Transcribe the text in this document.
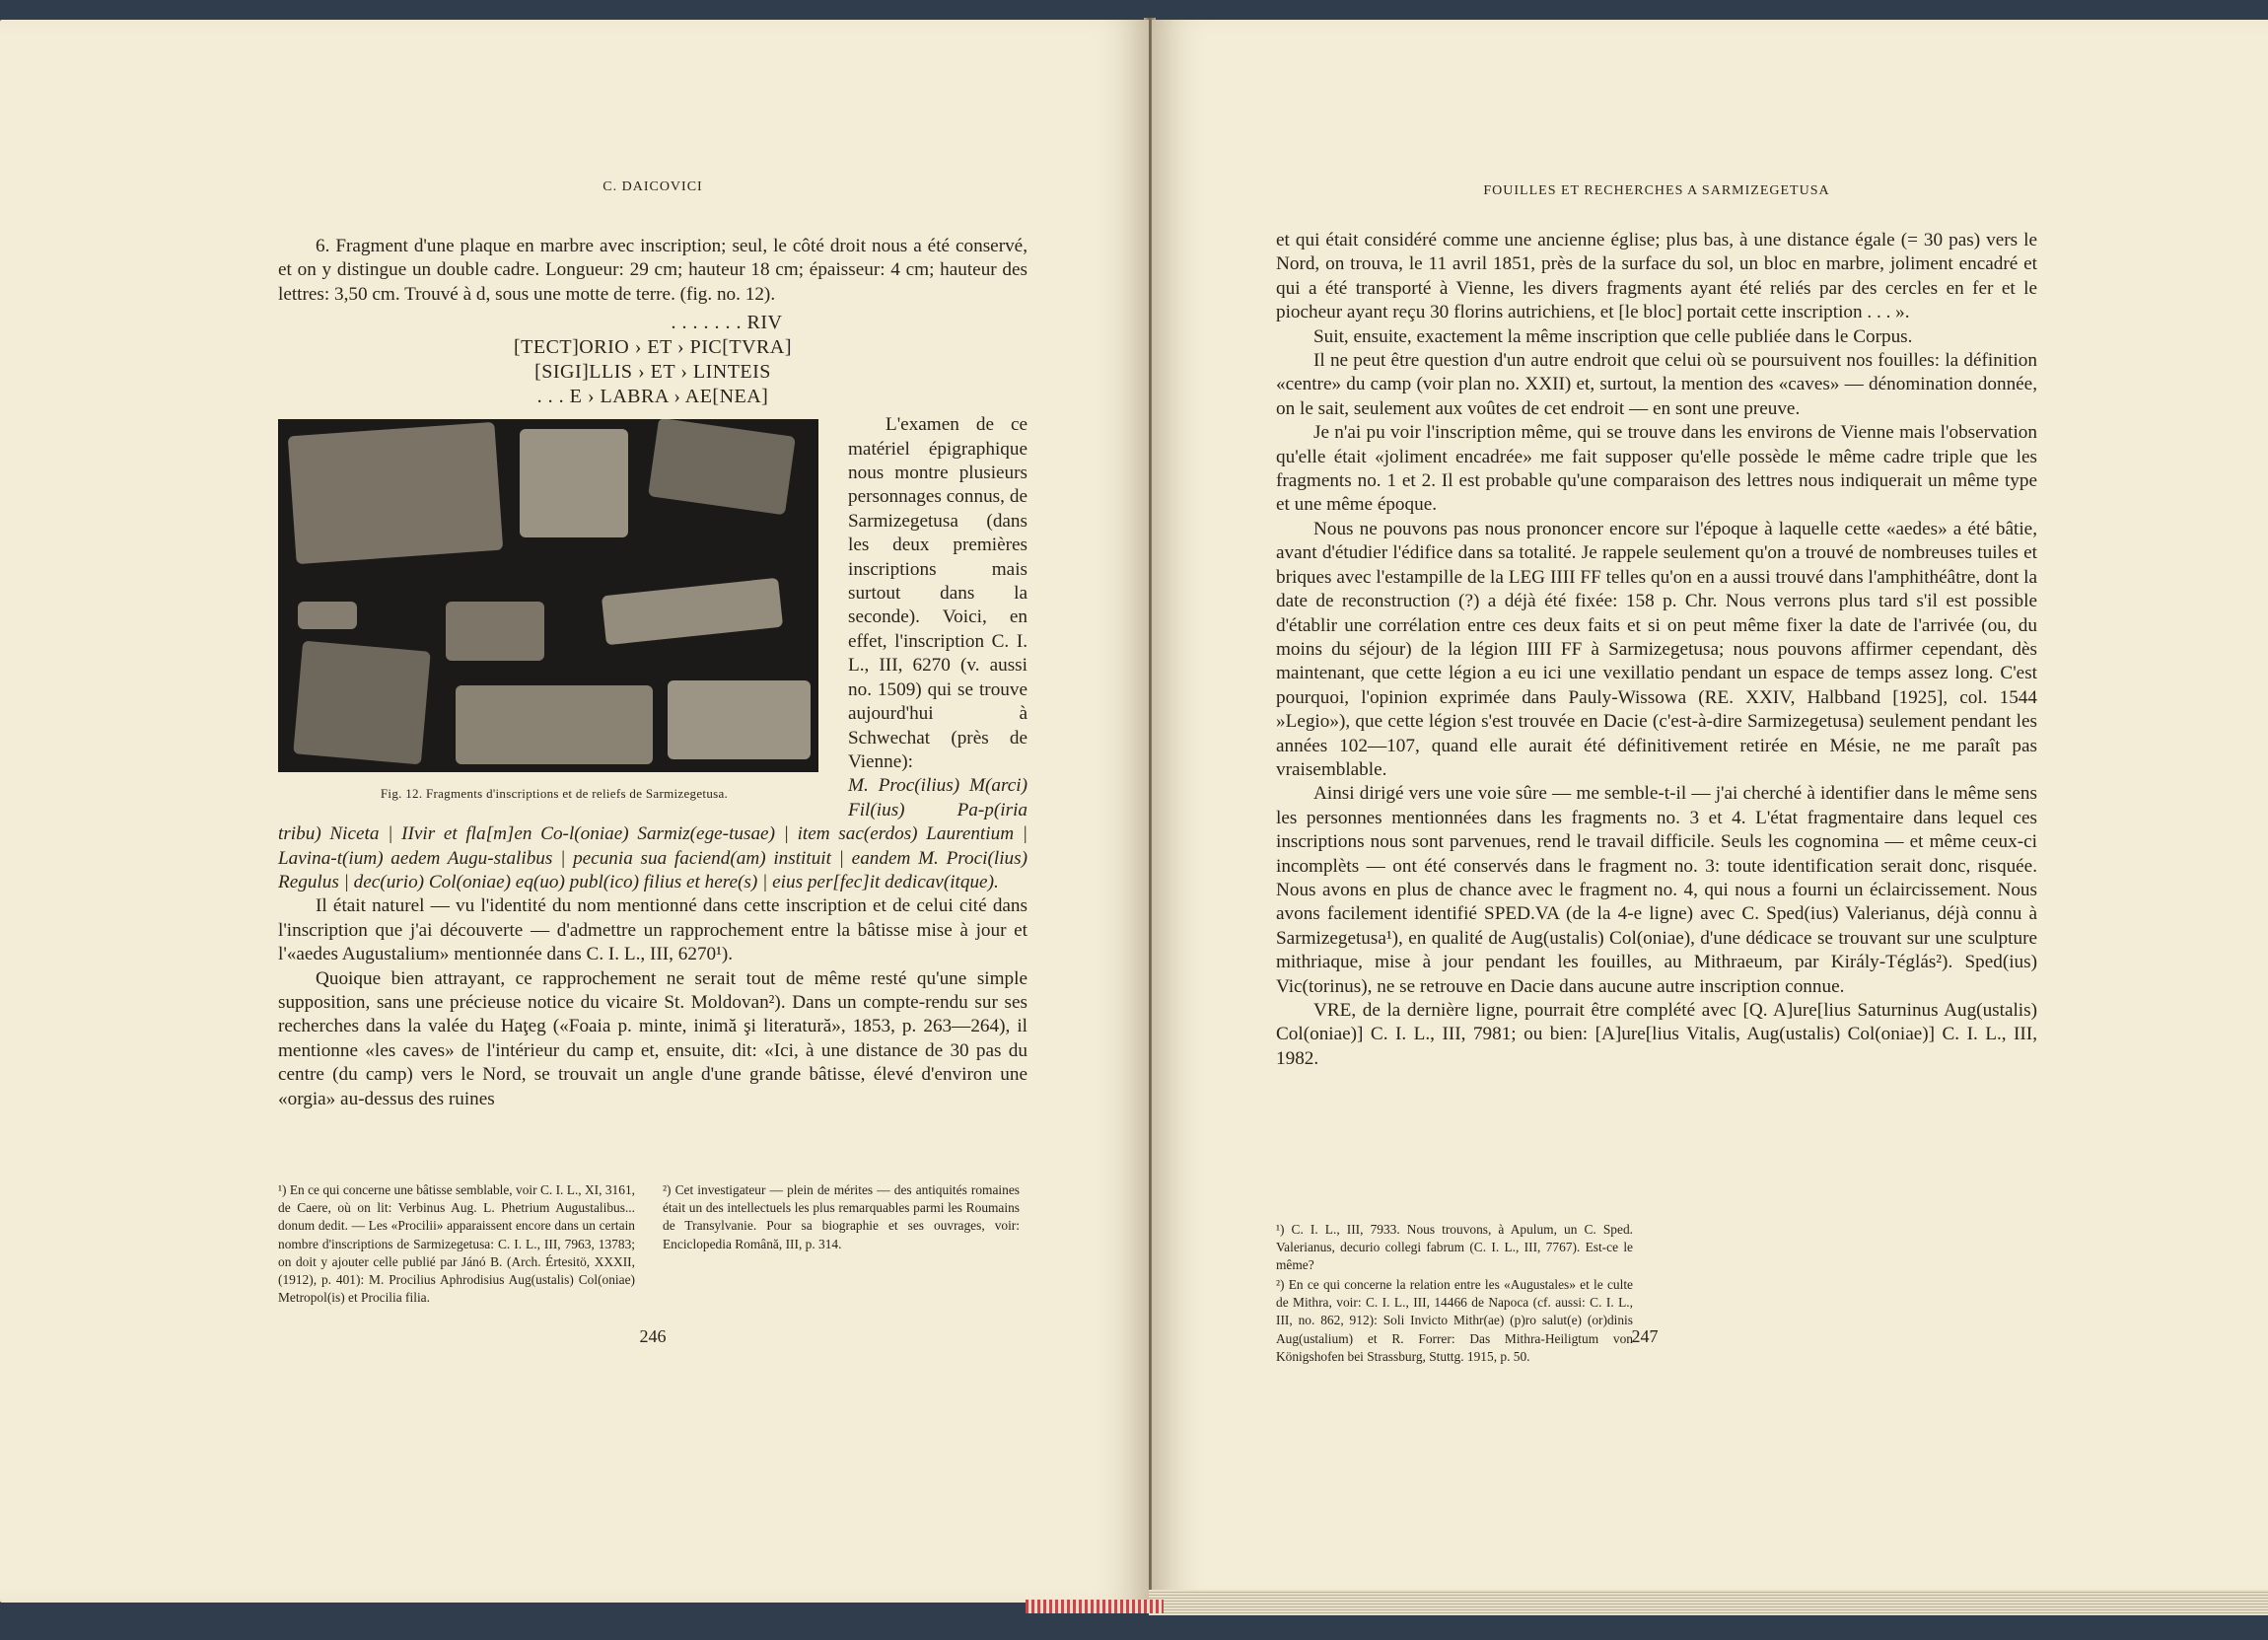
C. DAICOVICI

6. Fragment d'une plaque en marbre avec inscription; seul, le côté droit nous a été conservé, et on y distingue un double cadre. Longueur: 29 cm; hauteur 18 cm; épaisseur: 4 cm; hauteur des lettres: 3,50 cm. Trouvé à d, sous une motte de terre. (fig. no. 12).

. . . . . . . RIV
[TECT]ORIO › ET › PIC[TVRA]
[SIGI]LLIS › ET › LINTEIS
. . . E › LABRA › AE[NEA]
Fig. 12. Fragments d'inscriptions et de reliefs de Sarmizegetusa.

L'examen de ce matériel épigraphique nous montre plusieurs personnages connus, de Sarmizegetusa (dans les deux premières inscriptions mais surtout dans la seconde). Voici, en effet, l'inscription C. I. L., III, 6270 (v. aussi no. 1509) qui se trouve aujourd'hui à Schwechat (près de Vienne):

M. Proc(ilius) M(arci) Fil(ius) Pa-p(iria tribu) Niceta | IIvir et fla[m]en Co-l(oniae) Sarmiz(ege-tusae) | item sac(erdos) Laurentium | Lavina-t(ium) aedem Augu-stalibus | pecunia sua faciend(am) instituit | eandem M. Proci(lius) Regulus | dec(urio) Col(oniae) eq(uo) publ(ico) filius et here(s) | eius per[fec]it dedicav(itque).

Il était naturel — vu l'identité du nom mentionné dans cette inscription et de celui cité dans l'inscription que j'ai découverte — d'admettre un rapprochement entre la bâtisse mise à jour et l'«aedes Augustalium» mentionnée dans C. I. L., III, 6270¹).

Quoique bien attrayant, ce rapprochement ne serait tout de même resté qu'une simple supposition, sans une précieuse notice du vicaire St. Moldovan²). Dans un compte-rendu sur ses recherches dans la valée du Haţeg («Foaia p. minte, inimă şi literatură», 1853, p. 263—264), il mentionne «les caves» de l'intérieur du camp et, ensuite, dit: «Ici, à une distance de 30 pas du centre (du camp) vers le Nord, se trouvait un angle d'une grande bâtisse, élevé d'environ une «orgia» au-dessus des ruines

¹) En ce qui concerne une bâtisse semblable, voir C. I. L., XI, 3161, de Caere, où on lit: Verbinus Aug. L. Phetrium Augustalibus... donum dedit. — Les «Procilii» apparaissent encore dans un certain nombre d'inscriptions de Sarmizegetusa: C. I. L., III, 7963, 13783; on doit y ajouter celle publié par Jánó B. (Arch. Értesitö, XXXII, (1912), p. 401): M. Procilius Aphrodisius Aug(ustalis) Col(oniae) Metropol(is) et Procilia filia.
²) Cet investigateur — plein de mérites — des antiquités romaines était un des intellectuels les plus remarquables parmi les Roumains de Transylvanie. Pour sa biographie et ses ouvrages, voir: Enciclopedia Română, III, p. 314.
246
FOUILLES ET RECHERCHES A SARMIZEGETUSA

et qui était considéré comme une ancienne église; plus bas, à une distance égale (= 30 pas) vers le Nord, on trouva, le 11 avril 1851, près de la surface du sol, un bloc en marbre, joliment encadré et qui a été transporté à Vienne, les divers fragments ayant été reliés par des cercles en fer et le piocheur ayant reçu 30 florins autrichiens, et [le bloc] portait cette inscription . . . ».

Suit, ensuite, exactement la même inscription que celle publiée dans le Corpus.

Il ne peut être question d'un autre endroit que celui où se poursuivent nos fouilles: la définition «centre» du camp (voir plan no. XXII) et, surtout, la mention des «caves» — dénomination donnée, on le sait, seulement aux voûtes de cet endroit — en sont une preuve.

Je n'ai pu voir l'inscription même, qui se trouve dans les environs de Vienne mais l'observation qu'elle était «joliment encadrée» me fait supposer qu'elle possède le même cadre triple que les fragments no. 1 et 2. Il est probable qu'une comparaison des lettres nous indiquerait un même type et une même époque.

Nous ne pouvons pas nous prononcer encore sur l'époque à laquelle cette «aedes» a été bâtie, avant d'étudier l'édifice dans sa totalité. Je rappele seulement qu'on a trouvé de nombreuses tuiles et briques avec l'estampille de la LEG IIII FF telles qu'on en a aussi trouvé dans l'amphithéâtre, dont la date de reconstruction (?) a déjà été fixée: 158 p. Chr. Nous verrons plus tard s'il est possible d'établir une corrélation entre ces deux faits et si on peut même fixer la date de l'arrivée (ou, du moins du séjour) de la légion IIII FF à Sarmizegetusa; nous pouvons affirmer cependant, dès maintenant, que cette légion a eu ici une vexillatio pendant un espace de temps assez long. C'est pourquoi, l'opinion exprimée dans Pauly-Wissowa (RE. XXIV, Halbband [1925], col. 1544 »Legio»), que cette légion s'est trouvée en Dacie (c'est-à-dire Sarmizegetusa) seulement pendant les années 102—107, quand elle aurait été définitivement retirée en Mésie, ne me paraît pas vraisemblable.

Ainsi dirigé vers une voie sûre — me semble-t-il — j'ai cherché à identifier dans le même sens les personnes mentionnées dans les fragments no. 3 et 4. L'état fragmentaire dans lequel ces inscriptions nous sont parvenues, rend le travail difficile. Seuls les cognomina — et même ceux-ci incomplèts — ont été conservés dans le fragment no. 3: toute identification serait donc, risquée. Nous avons en plus de chance avec le fragment no. 4, qui nous a fourni un éclaircissement. Nous avons facilement identifié SPED.VA (de la 4-e ligne) avec C. Sped(ius) Valerianus, déjà connu à Sarmizegetusa¹), en qualité de Aug(ustalis) Col(oniae), d'une dédicace se trouvant sur une sculpture mithriaque, mise à jour pendant les fouilles, au Mithraeum, par Király-Téglás²). Sped(ius) Vic(torinus), ne se retrouve en Dacie dans aucune autre inscription connue.

VRE, de la dernière ligne, pourrait être complété avec [Q. A]ure[lius Saturninus Aug(ustalis) Col(oniae)] C. I. L., III, 7981; ou bien: [A]ure[lius Vitalis, Aug(ustalis) Col(oniae)] C. I. L., III, 1982.

¹) C. I. L., III, 7933. Nous trouvons, à Apulum, un C. Sped. Valerianus, decurio collegi fabrum (C. I. L., III, 7767). Est-ce le même?
²) En ce qui concerne la relation entre les «Augustales» et le culte de Mithra, voir: C. I. L., III, 14466 de Napoca (cf. aussi: C. I. L., III, no. 862, 912): Soli Invicto Mithr(ae) (p)ro salut(e) (or)dinis Aug(ustalium) et R. Forrer: Das Mithra-Heiligtum von Königshofen bei Strassburg, Stuttg. 1915, p. 50.
247
